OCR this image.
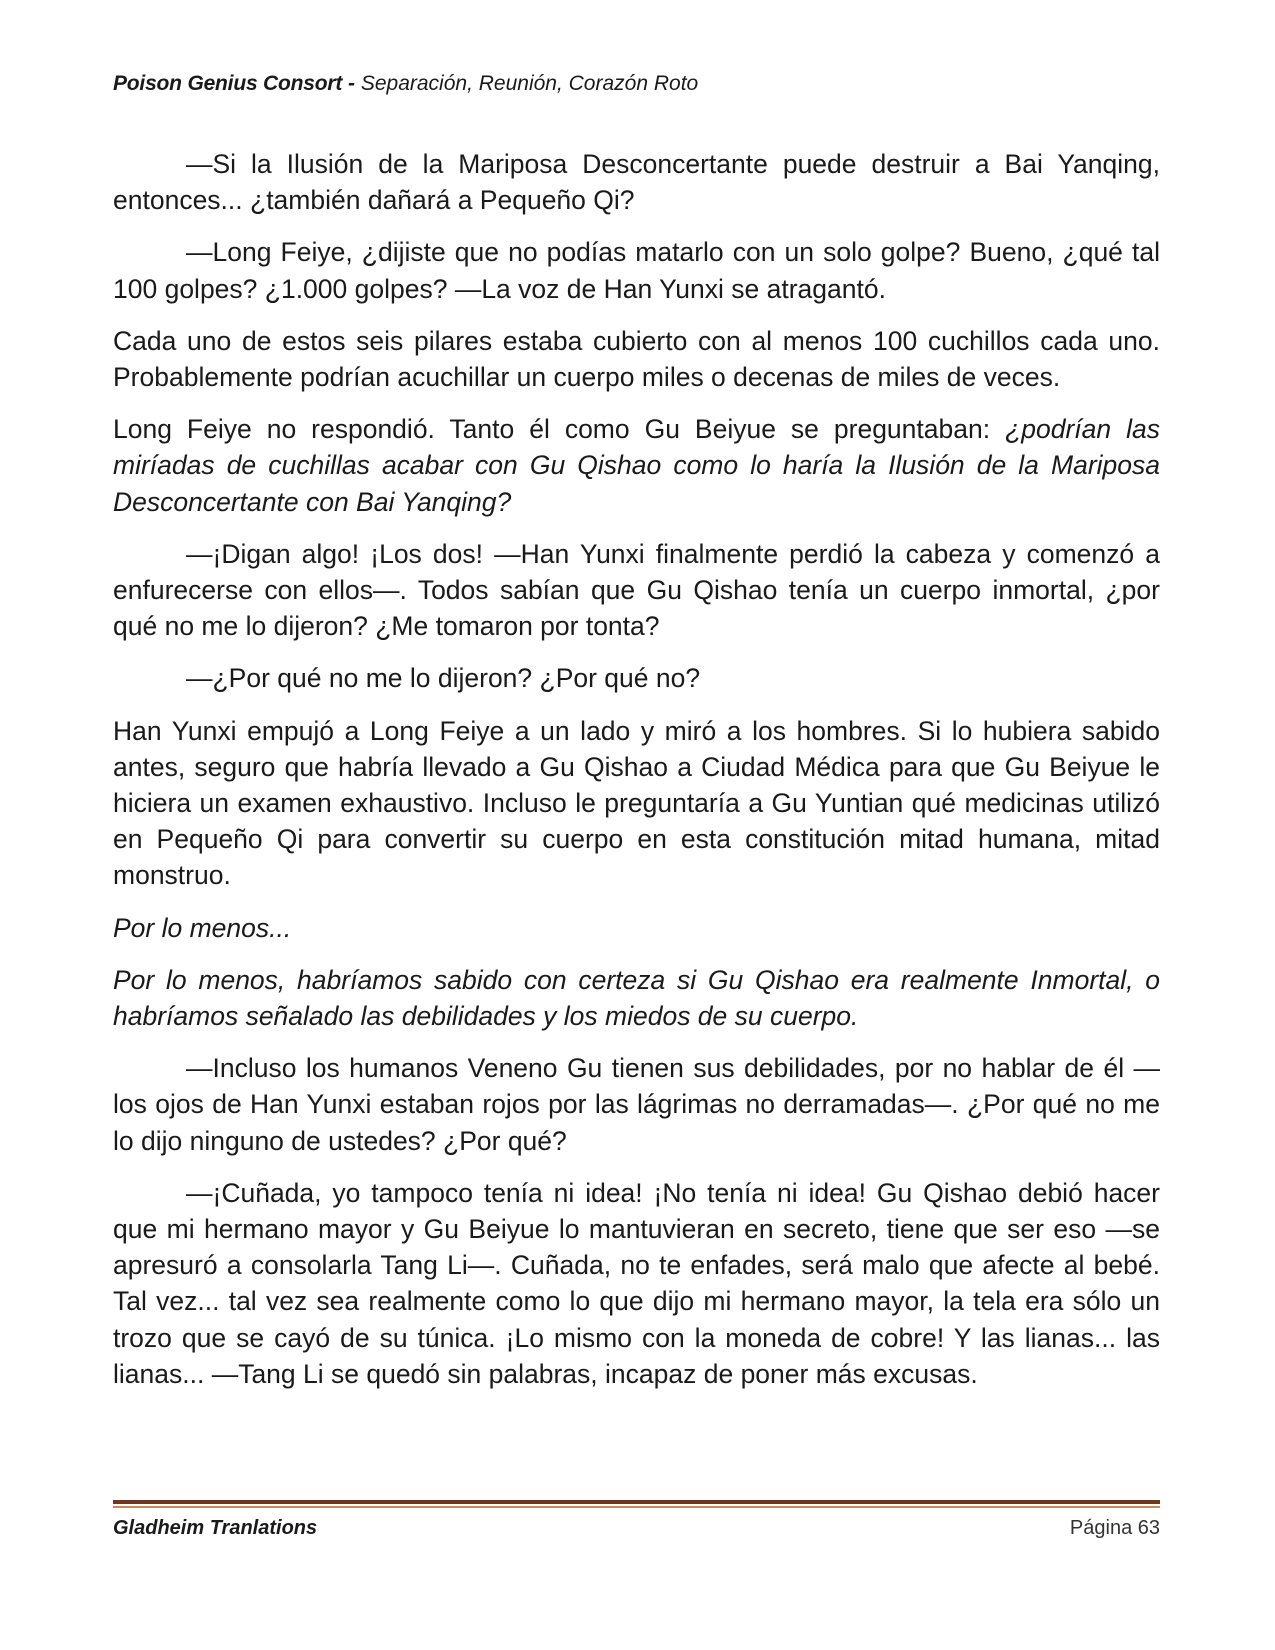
Poison Genius Consort - Separación, Reunión, Corazón Roto

—Si la Ilusión de la Mariposa Desconcertante puede destruir a Bai Yanqing, entonces... ¿también dañará a Pequeño Qi?

—Long Feiye, ¿dijiste que no podías matarlo con un solo golpe? Bueno, ¿qué tal 100 golpes? ¿1.000 golpes? —La voz de Han Yunxi se atragantó.

Cada uno de estos seis pilares estaba cubierto con al menos 100 cuchillos cada uno. Probablemente podrían acuchillar un cuerpo miles o decenas de miles de veces.

Long Feiye no respondió. Tanto él como Gu Beiyue se preguntaban: ¿podrían las miríadas de cuchillas acabar con Gu Qishao como lo haría la Ilusión de la Mariposa Desconcertante con Bai Yanqing?

—¡Digan algo! ¡Los dos! —Han Yunxi finalmente perdió la cabeza y comenzó a enfurecerse con ellos—. Todos sabían que Gu Qishao tenía un cuerpo inmortal, ¿por qué no me lo dijeron? ¿Me tomaron por tonta?

—¿Por qué no me lo dijeron? ¿Por qué no?

Han Yunxi empujó a Long Feiye a un lado y miró a los hombres. Si lo hubiera sabido antes, seguro que habría llevado a Gu Qishao a Ciudad Médica para que Gu Beiyue le hiciera un examen exhaustivo. Incluso le preguntaría a Gu Yuntian qué medicinas utilizó en Pequeño Qi para convertir su cuerpo en esta constitución mitad humana, mitad monstruo.

Por lo menos...

Por lo menos, habríamos sabido con certeza si Gu Qishao era realmente Inmortal, o habríamos señalado las debilidades y los miedos de su cuerpo.

—Incluso los humanos Veneno Gu tienen sus debilidades, por no hablar de él —los ojos de Han Yunxi estaban rojos por las lágrimas no derramadas—. ¿Por qué no me lo dijo ninguno de ustedes? ¿Por qué?

—¡Cuñada, yo tampoco tenía ni idea! ¡No tenía ni idea! Gu Qishao debió hacer que mi hermano mayor y Gu Beiyue lo mantuvieran en secreto, tiene que ser eso —se apresuró a consolarla Tang Li—. Cuñada, no te enfades, será malo que afecte al bebé. Tal vez... tal vez sea realmente como lo que dijo mi hermano mayor, la tela era sólo un trozo que se cayó de su túnica. ¡Lo mismo con la moneda de cobre! Y las lianas... las lianas... —Tang Li se quedó sin palabras, incapaz de poner más excusas.

Gladheim Tranlations	Página 63
